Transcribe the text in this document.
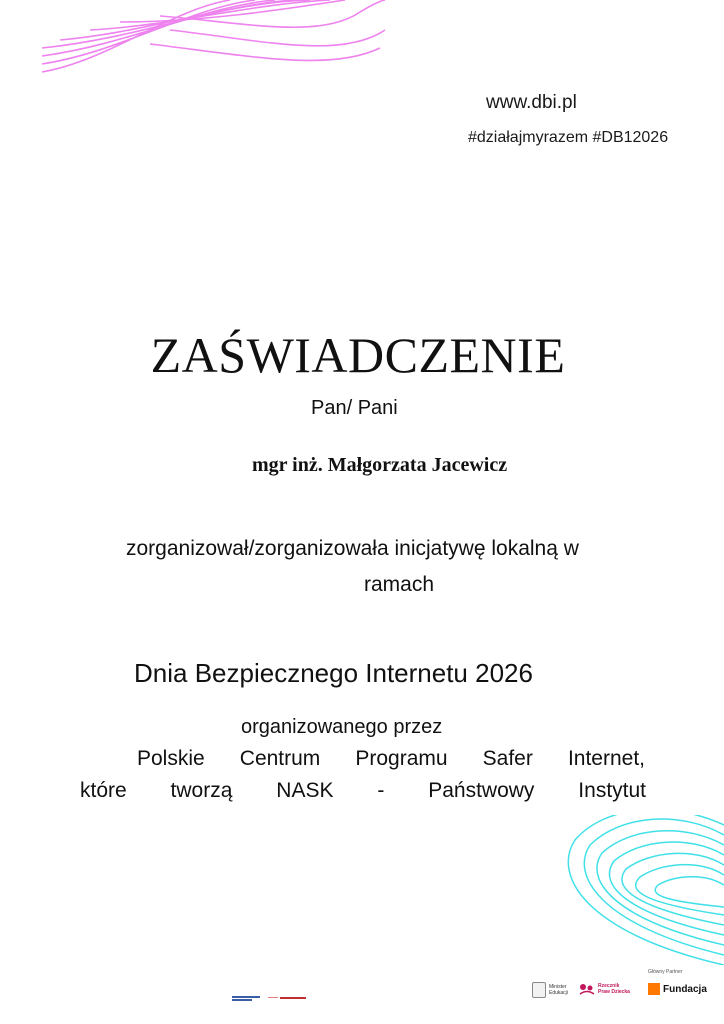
www.dbi.pl
#działajmyrazem #DB12026
ZAŚWIADCZENIE
Pan/ Pani
mgr inż. Małgorzata Jacewicz
zorganizował/zorganizowała inicjatywę lokalną w
ramach
Dnia Bezpiecznego Internetu 2026
organizowanego przez
Polskie Centrum Programu Safer Internet,
które tworzą NASK - Państwowy Instytut
Główny Partner
Minister
Edukacji
Rzecznik
Praw Dziecka	Fundacja
